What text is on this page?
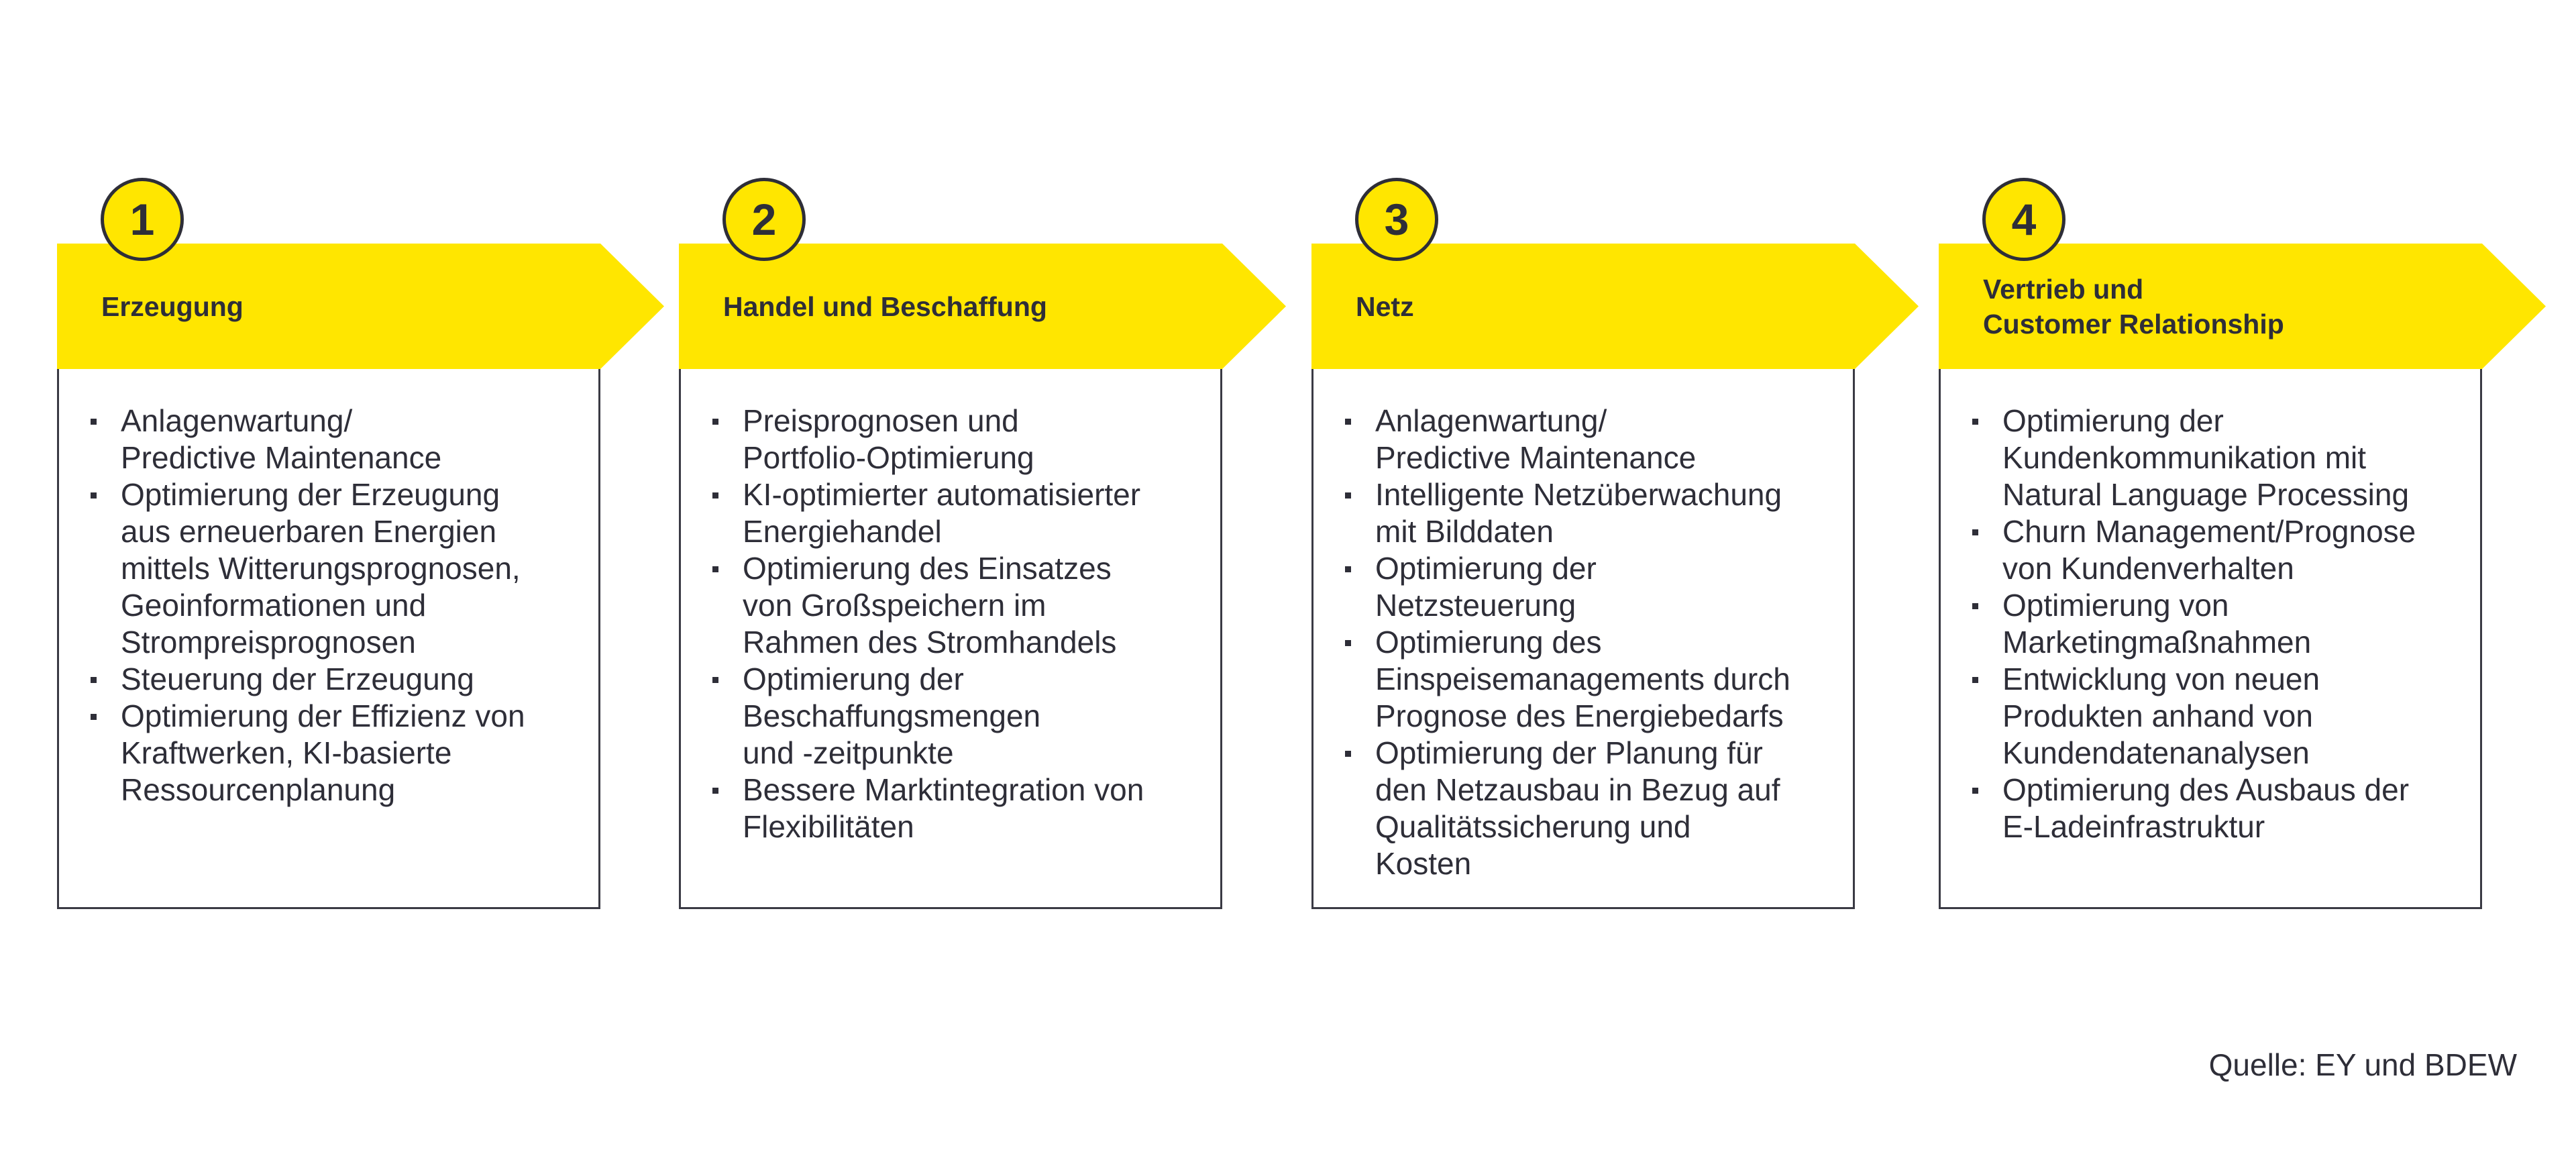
1
Erzeugung
Anlagenwartung/
Predictive Maintenance
Optimierung der Erzeugung
aus erneuerbaren Energien
mittels Witterungsprognosen,
Geoinformationen und
Strompreisprognosen
Steuerung der Erzeugung
Optimierung der Effizienz von
Kraftwerken, KI-basierte
Ressourcenplanung
2
Handel und Beschaffung
Preisprognosen und
Portfolio-Optimierung
KI-optimierter automatisierter
Energiehandel
Optimierung des Einsatzes
von Großspeichern im
Rahmen des Stromhandels
Optimierung der
Beschaffungsmengen
und -zeitpunkte
Bessere Marktintegration von
Flexibilitäten
3
Netz
Anlagenwartung/
Predictive Maintenance
Intelligente Netzüberwachung
mit Bilddaten
Optimierung der
Netzsteuerung
Optimierung des
Einspeisemanagements durch
Prognose des Energiebedarfs
Optimierung der Planung für
den Netzausbau in Bezug auf
Qualitätssicherung und
Kosten
4
Vertrieb und
Customer Relationship
Optimierung der
Kundenkommunikation mit
Natural Language Processing
Churn Management/Prognose
von Kundenverhalten
Optimierung von
Marketingmaßnahmen
Entwicklung von neuen
Produkten anhand von
Kundendatenanalysen
Optimierung des Ausbaus der
E-Ladeinfrastruktur
Quelle: EY und BDEW
